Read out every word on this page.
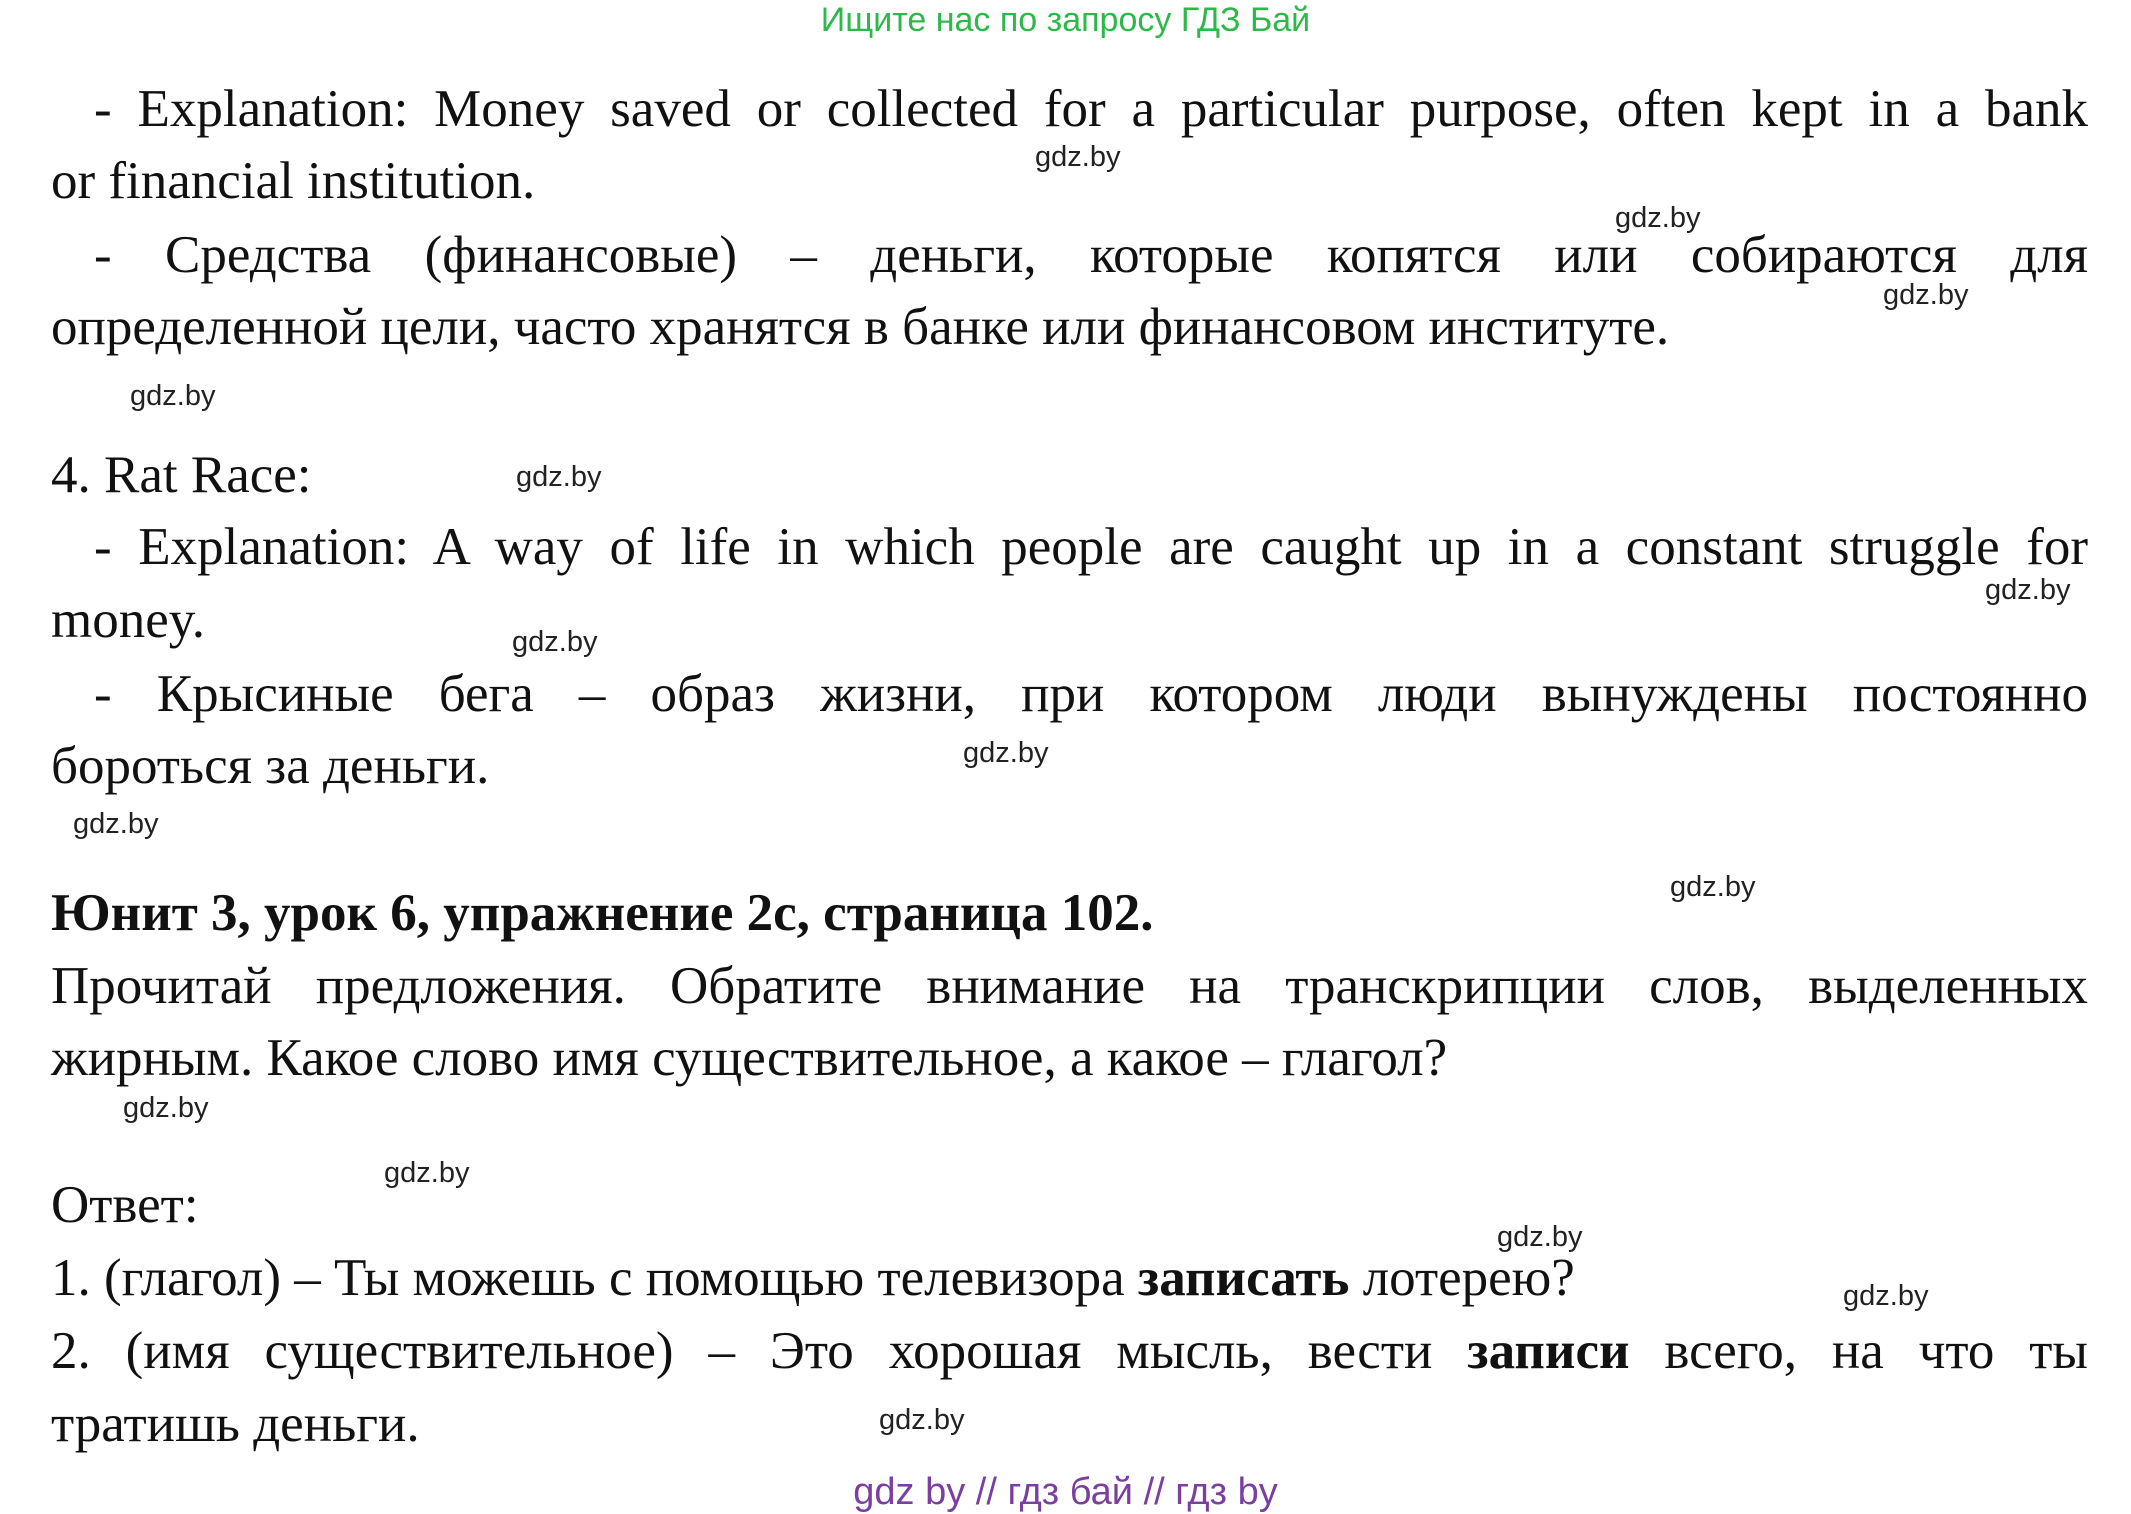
Ищите нас по запросу ГДЗ Бай

- Explanation: Money saved or collected for a particular purpose, often kept in a bank

or financial institution.

- Средства (финансовые) – деньги, которые копятся или собираются для

определенной цели, часто хранятся в банке или финансовом институте.

4. Rat Race:

- Explanation: A way of life in which people are caught up in a constant struggle for

money.

- Крысиные бега – образ жизни, при котором люди вынуждены постоянно

бороться за деньги.

Юнит 3, урок 6, упражнение 2с, страница 102.

Прочитай предложения. Обратите внимание на транскрипции слов, выделенных

жирным. Какое слово имя существительное, а какое – глагол?

Ответ:

1. (глагол) – Ты можешь с помощью телевизора записать лотерею?

2. (имя существительное) – Это хорошая мысль, вести записи всего, на что ты

тратишь деньги.

gdz.by
gdz.by
gdz.by
gdz.by
gdz.by
gdz.by
gdz.by
gdz.by
gdz.by
gdz.by
gdz.by
gdz.by
gdz.by
gdz.by
gdz.by
gdz by // гдз бай // гдз by
